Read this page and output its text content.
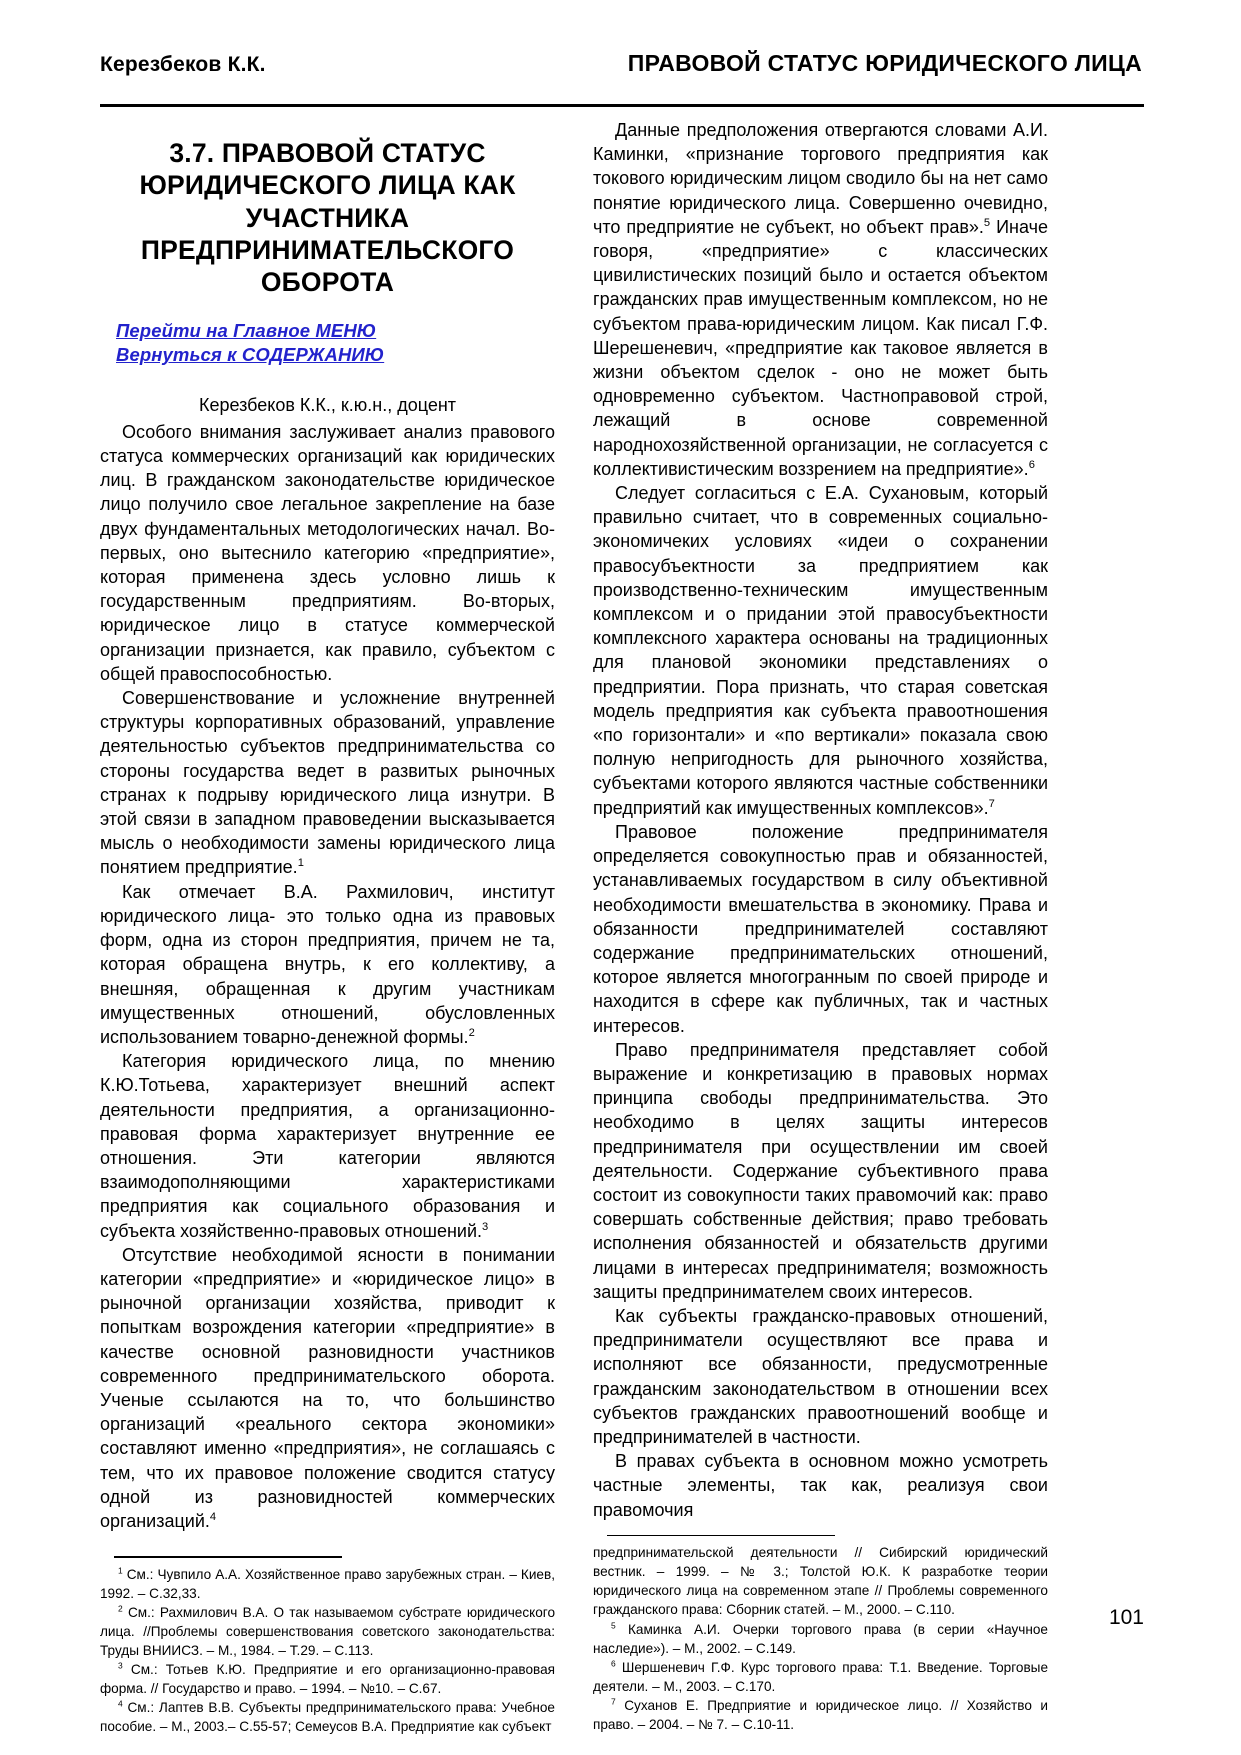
Керезбеков К.К.	ПРАВОВОЙ СТАТУС ЮРИДИЧЕСКОГО ЛИЦА
3.7. ПРАВОВОЙ СТАТУС ЮРИДИЧЕСКОГО ЛИЦА КАК УЧАСТНИКА ПРЕДПРИНИМАТЕЛЬСКОГО ОБОРОТА
Перейти на Главное МЕНЮ
Вернуться к СОДЕРЖАНИЮ
Керезбеков К.К., к.ю.н., доцент

Особого внимания заслуживает анализ правового статуса коммерческих организаций как юридических лиц. В гражданском законодательстве юридическое лицо получило свое легальное закрепление на базе двух фундаментальных методологических начал. Во-первых, оно вытеснило категорию «предприятие», которая применена здесь условно лишь к государственным предприятиям. Во-вторых, юридическое лицо в статусе коммерческой организации признается, как правило, субъектом с общей правоспособностью.

Совершенствование и усложнение внутренней структуры корпоративных образований, управление деятельностью субъектов предпринимательства со стороны государства ведет в развитых рыночных странах к подрыву юридического лица изнутри. В этой связи в западном правоведении высказывается мысль о необходимости замены юридического лица понятием предприятие.$^1$

Как отмечает В.А. Рахмилович, институт юридического лица- это только одна из правовых форм, одна из сторон предприятия, причем не та, которая обращена внутрь, к его коллективу, а внешняя, обращенная к другим участникам имущественных отношений, обусловленных использованием товарно-денежной формы.$^2$

Категория юридического лица, по мнению К.Ю.Тотьева, характеризует внешний аспект деятельности предприятия, а организационно-правовая форма характеризует внутренние ее отношения. Эти категории являются взаимодополняющими характеристиками предприятия как социального образования и субъекта хозяйственно-правовых отношений.$^3$

Отсутствие необходимой ясности в понимании категории «предприятие» и «юридическое лицо» в рыночной организации хозяйства, приводит к попыткам возрождения категории «предприятие» в качестве основной разновидности участников современного предпринимательского оборота. Ученые ссылаются на то, что большинство организаций «реального сектора экономики» составляют именно «предприятия», не соглашаясь с тем, что их правовое положение сводится статусу одной из разновидностей коммерческих организаций.$^4$

$^1$ См.: Чувпило А.А. Хозяйственное право зарубежных стран. – Киев, 1992. – С.32,33.

$^2$ См.: Рахмилович В.А. О так называемом субстрате юридического лица. //Проблемы совершенствования советского законодательства: Труды ВНИИСЗ. – М., 1984. – Т.29. – С.113.

$^3$ См.: Тотьев К.Ю. Предприятие и его организационно-правовая форма. // Государство и право. – 1994. – №10. – С.67.

$^4$ См.: Лаптев В.В. Субъекты предпринимательского права: Учебное пособие. – М., 2003.– С.55-57; Семеусов В.А. Предприятие как субъект

Данные предположения отвергаются словами А.И. Каминки, «признание торгового предприятия как токового юридическим лицом сводило бы на нет само понятие юридического лица. Совершенно очевидно, что предприятие не субъект, но объект прав».$^5$ Иначе говоря, «предприятие» с классических цивилистических позиций было и остается объектом гражданских прав имущественным комплексом, но не субъектом права-юридическим лицом. Как писал Г.Ф. Шерешеневич, «предприятие как таковое является в жизни объектом сделок - оно не может быть одновременно субъектом. Частноправовой строй, лежащий в основе современной народнохозяйственной организации, не согласуется с коллективистическим воззрением на предприятие».$^6$

Следует согласиться с Е.А. Сухановым, который правильно считает, что в современных социально-экономичеких условиях «идеи о сохранении правосубъектности за предприятием как производственно-техническим имущественным комплексом и о придании этой правосубъектности комплексного характера основаны на традиционных для плановой экономики представлениях о предприятии. Пора признать, что старая советская модель предприятия как субъекта правоотношения «по горизонтали» и «по вертикали» показала свою полную непригодность для рыночного хозяйства, субъектами которого являются частные собственники предприятий как имущественных комплексов».$^7$

Правовое положение предпринимателя определяется совокупностью прав и обязанностей, устанавливаемых государством в силу объективной необходимости вмешательства в экономику. Права и обязанности предпринимателей составляют содержание предпринимательских отношений, которое является многогранным по своей природе и находится в сфере как публичных, так и частных интересов.

Право предпринимателя представляет собой выражение и конкретизацию в правовых нормах принципа свободы предпринимательства. Это необходимо в целях защиты интересов предпринимателя при осуществлении им своей деятельности. Содержание субъективного права состоит из совокупности таких правомочий как: право совершать собственные действия; право требовать исполнения обязанностей и обязательств другими лицами в интересах предпринимателя; возможность защиты предпринимателем своих интересов.

Как субъекты гражданско-правовых отношений, предприниматели осуществляют все права и исполняют все обязанности, предусмотренные гражданским законодательством в отношении всех субъектов гражданских правоотношений вообще и предпринимателей в частности.

В правах субъекта в основном можно усмотреть частные элементы, так как, реализуя свои правомочия

предпринимательской деятельности // Сибирский юридический вестник. – 1999. – № 3.; Толстой Ю.К. К разработке теории юридического лица на современном этапе // Проблемы современного гражданского права: Сборник статей. – М., 2000. – С.110.

$^5$ Каминка А.И. Очерки торгового права (в серии «Научное наследие»). – М., 2002. – С.149.

$^6$ Шершеневич Г.Ф. Курс торгового права: Т.1. Введение. Торговые деятели. – М., 2003. – С.170.

$^7$ Суханов Е. Предприятие и юридическое лицо. // Хозяйство и право. – 2004. – № 7. – С.10-11.

101
